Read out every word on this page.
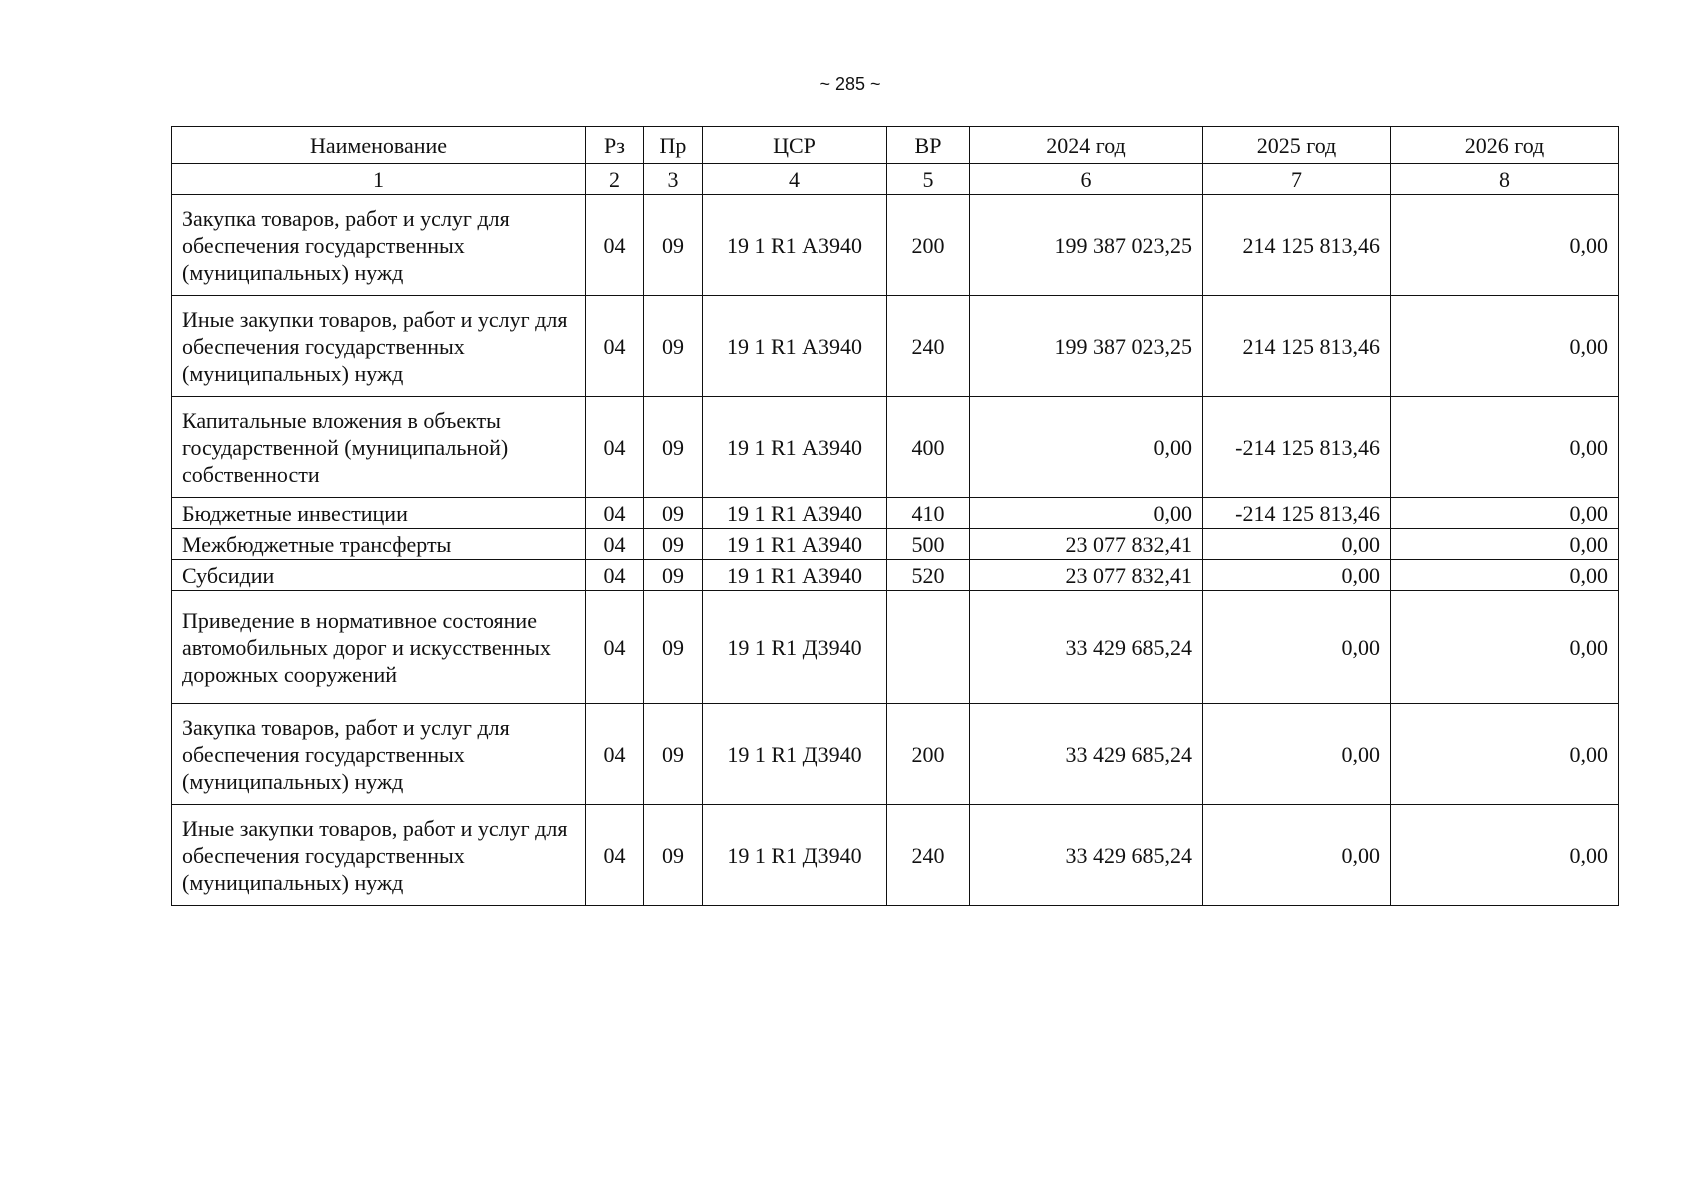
~ 285 ~
Наименование	Рз	Пр	ЦСР	ВР	2024 год	2025 год	2026 год
1	2	3	4	5	6	7	8
Закупка товаров, работ и услуг для обеспечения государственных (муниципальных) нужд	04	09	19 1 R1 А3940	200	199 387 023,25	214 125 813,46	0,00
Иные закупки товаров, работ и услуг для обеспечения государственных (муниципальных) нужд	04	09	19 1 R1 А3940	240	199 387 023,25	214 125 813,46	0,00
Капитальные вложения в объекты государственной (муниципальной) собственности	04	09	19 1 R1 А3940	400	0,00	-214 125 813,46	0,00
Бюджетные инвестиции	04	09	19 1 R1 А3940	410	0,00	-214 125 813,46	0,00
Межбюджетные трансферты	04	09	19 1 R1 А3940	500	23 077 832,41	0,00	0,00
Субсидии	04	09	19 1 R1 А3940	520	23 077 832,41	0,00	0,00
Приведение в нормативное состояние автомобильных дорог и искусственных дорожных сооружений	04	09	19 1 R1 Д3940		33 429 685,24	0,00	0,00
Закупка товаров, работ и услуг для обеспечения государственных (муниципальных) нужд	04	09	19 1 R1 Д3940	200	33 429 685,24	0,00	0,00
Иные закупки товаров, работ и услуг для обеспечения государственных (муниципальных) нужд	04	09	19 1 R1 Д3940	240	33 429 685,24	0,00	0,00
